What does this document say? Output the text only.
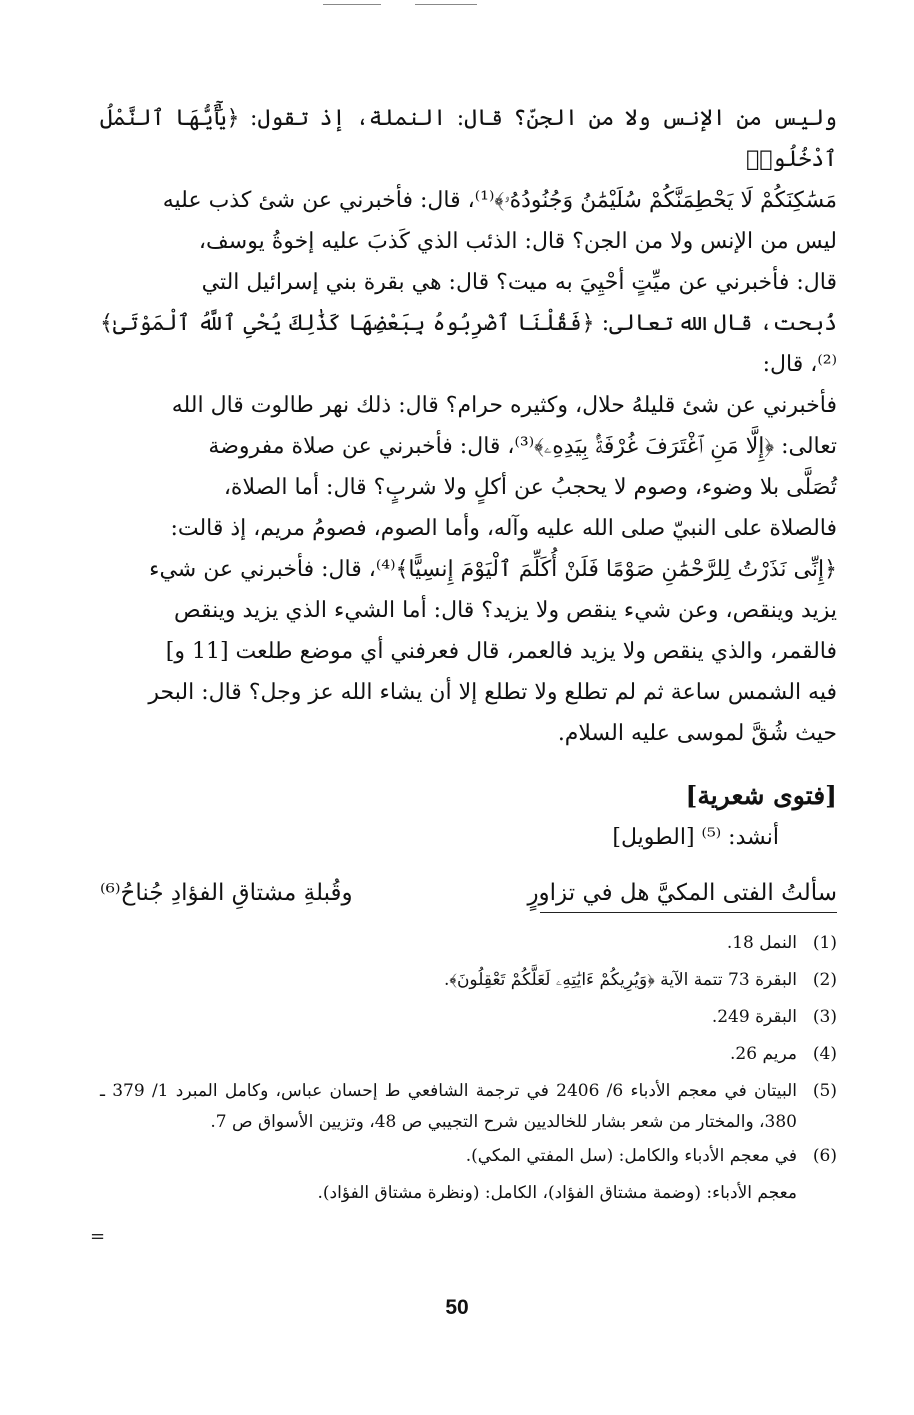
وليس من الإنس ولا من الجنّ؟ قال: النملة، إذ تقول: ﴿يَٰٓأَيُّهَا ٱلنَّمْلُ ٱدْخُلُوا۟

مَسَٰكِنَكُمْ لَا يَحْطِمَنَّكُمْ سُلَيْمَٰنُ وَجُنُودُهُۥ﴾⁽¹⁾، قال: فأخبرني عن شئ كذب عليه

ليس من الإنس ولا من الجن؟ قال: الذئب الذي كَذبَ عليه إخوةُ يوسف،

قال: فأخبرني عن ميِّتٍ أحْيِيَ به ميت؟ قال: هي بقرة بني إسرائيل التي

ذُبحت، قال الله تعالى: ﴿فَقُلْنَا ٱضْرِبُوهُ بِبَعْضِهَا كَذَٰلِكَ يُحْىِ ٱللَّهُ ٱلْمَوْتَىٰ﴾⁽²⁾، قال:

فأخبرني عن شئ قليلهُ حلال، وكثيره حرام؟ قال: ذلك نهر طالوت قال الله

تعالى: ﴿إِلَّا مَنِ ٱغْتَرَفَ غُرْفَةًۢ بِيَدِهِۦ﴾⁽³⁾، قال: فأخبرني عن صلاة مفروضة

تُصَلَّى بلا وضوء، وصوم لا يحجبُ عن أكلٍ ولا شربٍ؟ قال: أما الصلاة،

فالصلاة على النبيّ صلى الله عليه وآله، وأما الصوم، فصومُ مريم، إذ قالت:

﴿إِنِّى نَذَرْتُ لِلرَّحْمَٰنِ صَوْمًا فَلَنْ أُكَلِّمَ ٱلْيَوْمَ إِنسِيًّا﴾⁽⁴⁾، قال: فأخبرني عن شيء

يزيد وينقص، وعن شيء ينقص ولا يزيد؟ قال: أما الشيء الذي يزيد وينقص

فالقمر، والذي ينقص ولا يزيد فالعمر، قال فعرفني أي موضع طلعت [11 و]

فيه الشمس ساعة ثم لم تطلع ولا تطلع إلا أن يشاء الله عز وجل؟ قال: البحر

حيث شُقَّ لموسى عليه السلام.

[فتوى شعرية]
أنشد: ⁽⁵⁾ [الطويل]
سألتُ الفتى المكيَّ هل في تزاورٍ
وقُبلةِ مشتاقِ الفؤادِ جُناحُ⁽⁶⁾
(1)
النمل 18.
(2)
البقرة 73 تتمة الآية ﴿وَيُرِيكُمْ ءَايَٰتِهِۦ لَعَلَّكُمْ تَعْقِلُونَ﴾.
(3)
البقرة 249.
(4)
مريم 26.
(5)
البيتان في معجم الأدباء 6/ 2406 في ترجمة الشافعي ط إحسان عباس، وكامل المبرد 1/ 379 ـ 380، والمختار من شعر بشار للخالديين شرح التجيبي ص 48، وتزيين الأسواق ص 7.
(6)
في معجم الأدباء والكامل: (سل المفتي المكي).
معجم الأدباء: (وضمة مشتاق الفؤاد)، الكامل: (ونظرة مشتاق الفؤاد).
=
50
